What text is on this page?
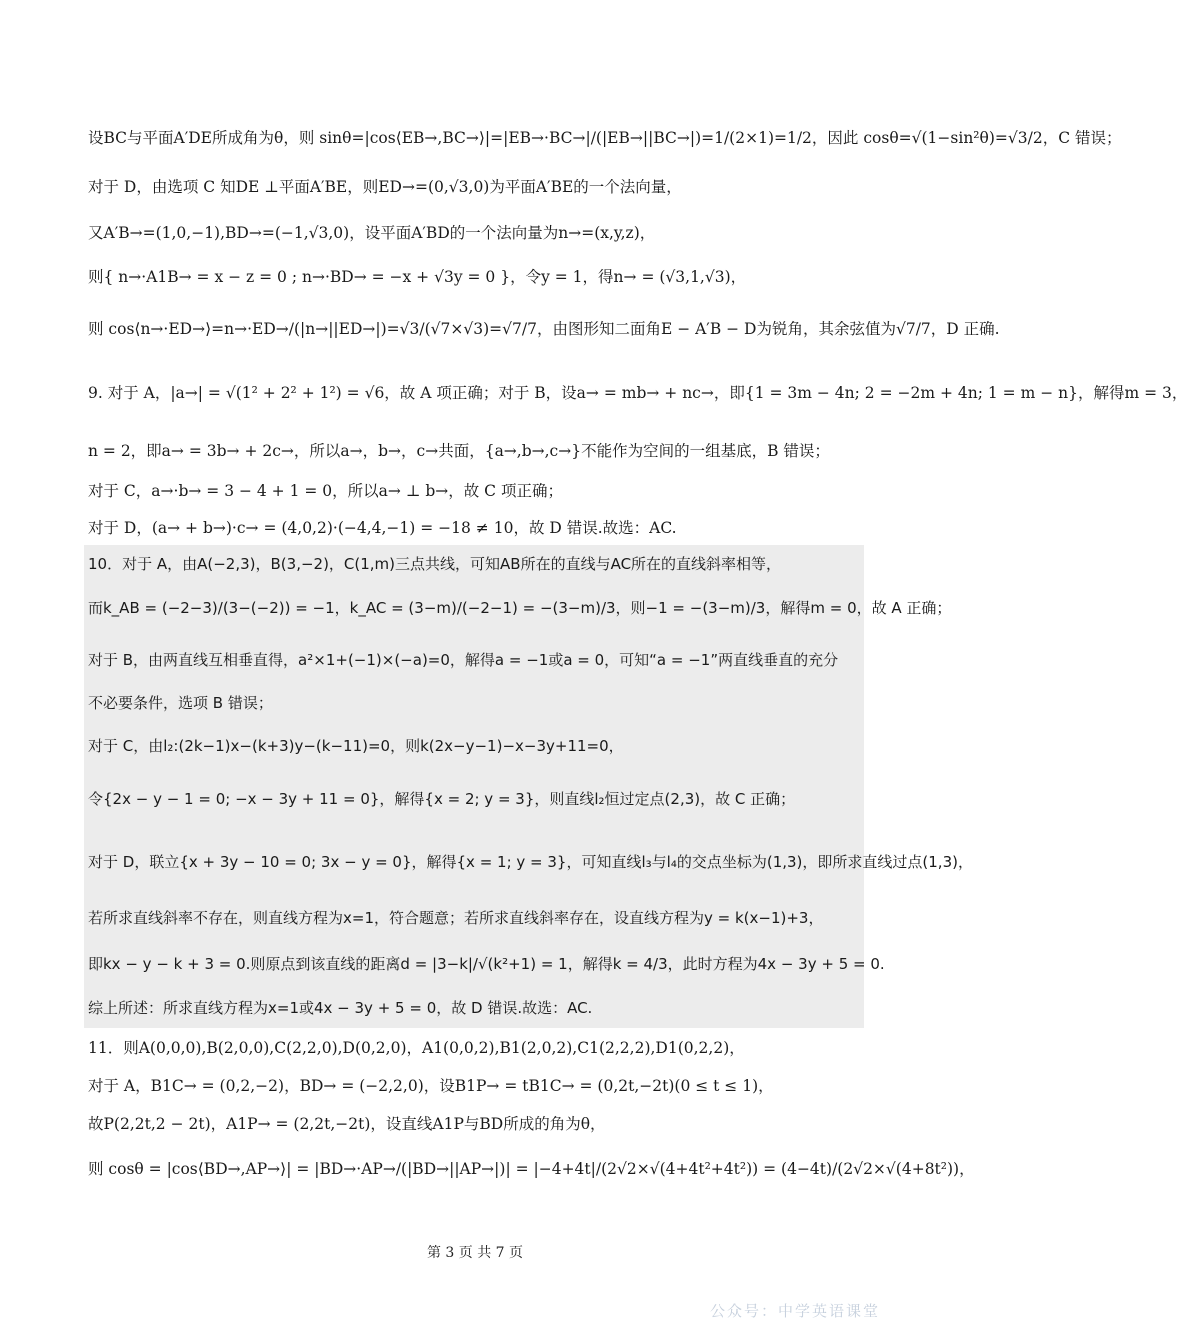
设BC与平面A′DE所成角为θ，则 sinθ=|cos⟨EB→,BC→⟩|=|EB→·BC→|/(|EB→||BC→|)=1/(2×1)=1/2，因此 cosθ=√(1−sin²θ)=√3/2，C 错误；
对于 D，由选项 C 知DE ⊥平面A′BE，则ED→=(0,√3,0)为平面A′BE的一个法向量，
又A′B→=(1,0,−1),BD→=(−1,√3,0)，设平面A′BD的一个法向量为n→=(x,y,z)，
则{ n→·A1B→ = x − z = 0 ; n→·BD→ = −x + √3y = 0 }，令y = 1，得n→ = (√3,1,√3)，
则 cos⟨n→·ED→⟩=n→·ED→/(|n→||ED→|)=√3/(√7×√3)=√7/7，由图形知二面角E − A′B − D为锐角，其余弦值为√7/7，D 正确.
9. 对于 A，|a→| = √(1² + 2² + 1²) = √6，故 A 项正确；对于 B，设a→ = mb→ + nc→，即{1 = 3m − 4n; 2 = −2m + 4n; 1 = m − n}，解得m = 3，
n = 2，即a→ = 3b→ + 2c→，所以a→，b→，c→共面，{a→,b→,c→}不能作为空间的一组基底，B 错误；
对于 C，a→·b→ = 3 − 4 + 1 = 0，所以a→ ⊥ b→，故 C 项正确；
对于 D，(a→ + b→)·c→ = (4,0,2)·(−4,4,−1) = −18 ≠ 10，故 D 错误.故选：AC.
10．对于 A，由A(−2,3)，B(3,−2)，C(1,m)三点共线，可知AB所在的直线与AC所在的直线斜率相等，
而k_AB = (−2−3)/(3−(−2)) = −1，k_AC = (3−m)/(−2−1) = −(3−m)/3，则−1 = −(3−m)/3，解得m = 0，故 A 正确；
对于 B，由两直线互相垂直得，a²×1+(−1)×(−a)=0，解得a = −1或a = 0，可知“a = −1”两直线垂直的充分
不必要条件，选项 B 错误；
对于 C，由l₂:(2k−1)x−(k+3)y−(k−11)=0，则k(2x−y−1)−x−3y+11=0，
令{2x − y − 1 = 0; −x − 3y + 11 = 0}，解得{x = 2; y = 3}，则直线l₂恒过定点(2,3)，故 C 正确；
对于 D，联立{x + 3y − 10 = 0; 3x − y = 0}，解得{x = 1; y = 3}，可知直线l₃与l₄的交点坐标为(1,3)，即所求直线过点(1,3)，
若所求直线斜率不存在，则直线方程为x=1，符合题意；若所求直线斜率存在，设直线方程为y = k(x−1)+3，
即kx − y − k + 3 = 0.则原点到该直线的距离d = |3−k|/√(k²+1) = 1，解得k = 4/3，此时方程为4x − 3y + 5 = 0.
综上所述：所求直线方程为x=1或4x − 3y + 5 = 0，故 D 错误.故选：AC.
11．则A(0,0,0),B(2,0,0),C(2,2,0),D(0,2,0)，A1(0,0,2),B1(2,0,2),C1(2,2,2),D1(0,2,2)，
对于 A，B1C→ = (0,2,−2)，BD→ = (−2,2,0)，设B1P→ = tB1C→ = (0,2t,−2t)(0 ≤ t ≤ 1)，
故P(2,2t,2 − 2t)，A1P→ = (2,2t,−2t)，设直线A1P与BD所成的角为θ，
则 cosθ = |cos⟨BD→,AP→⟩| = |BD→·AP→/(|BD→||AP→|)| = |−4+4t|/(2√2×√(4+4t²+4t²)) = (4−4t)/(2√2×√(4+8t²))，
第 3 页 共 7 页
公众号：中学英语课堂
